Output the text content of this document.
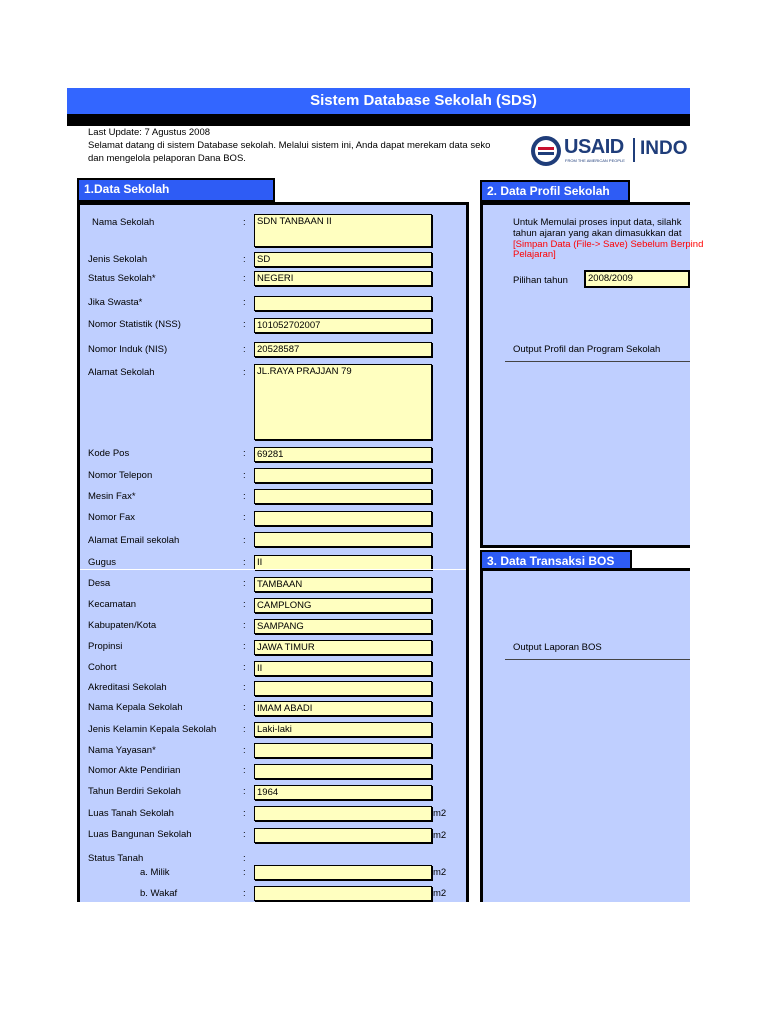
Sistem Database Sekolah (SDS)
Last Update: 7 Agustus 2008
Selamat datang di sistem Database sekolah. Melalui sistem ini, Anda dapat merekam data seko
dan mengelola pelaporan Dana BOS.
USAID
FROM THE AMERICAN PEOPLE
INDO
1.Data Sekolah	2. Data Profil Sekolah
3. Data Transaksi BOS
Nama Sekolah	:	SDN TANBAAN II
Jenis Sekolah	:	SD
Status Sekolah*	:	NEGERI
Jika Swasta*	:
Nomor Statistik (NSS)	:	101052702007
Nomor Induk (NIS)	:	20528587
Alamat Sekolah	:	JL.RAYA PRAJJAN 79
Kode Pos	:	69281
Nomor Telepon	:
Mesin Fax*	:
Nomor Fax	:
Alamat Email sekolah	:
Gugus	:	II
Desa	:	TAMBAAN
Kecamatan	:	CAMPLONG
Kabupaten/Kota	:	SAMPANG
Propinsi	:	JAWA TIMUR
Cohort	:	II
Akreditasi Sekolah	:
Nama Kepala Sekolah	:	IMAM ABADI
Jenis Kelamin Kepala Sekolah	:	Laki-laki
Nama Yayasan*	:
Nomor Akte Pendirian	:
Tahun Berdiri Sekolah	:	1964
Luas Tanah Sekolah	:	m2
Luas Bangunan Sekolah	:	m2
Status Tanah	:
a. Milik	:	m2
b. Wakaf	:	m2
Untuk Memulai proses input data, silahk
tahun ajaran yang akan dimasukkan dat
[Simpan Data (File-> Save) Sebelum Berpind
Pelajaran]
Pilihan tahun	2008/2009
Output Profil dan Program Sekolah
Output Laporan BOS
